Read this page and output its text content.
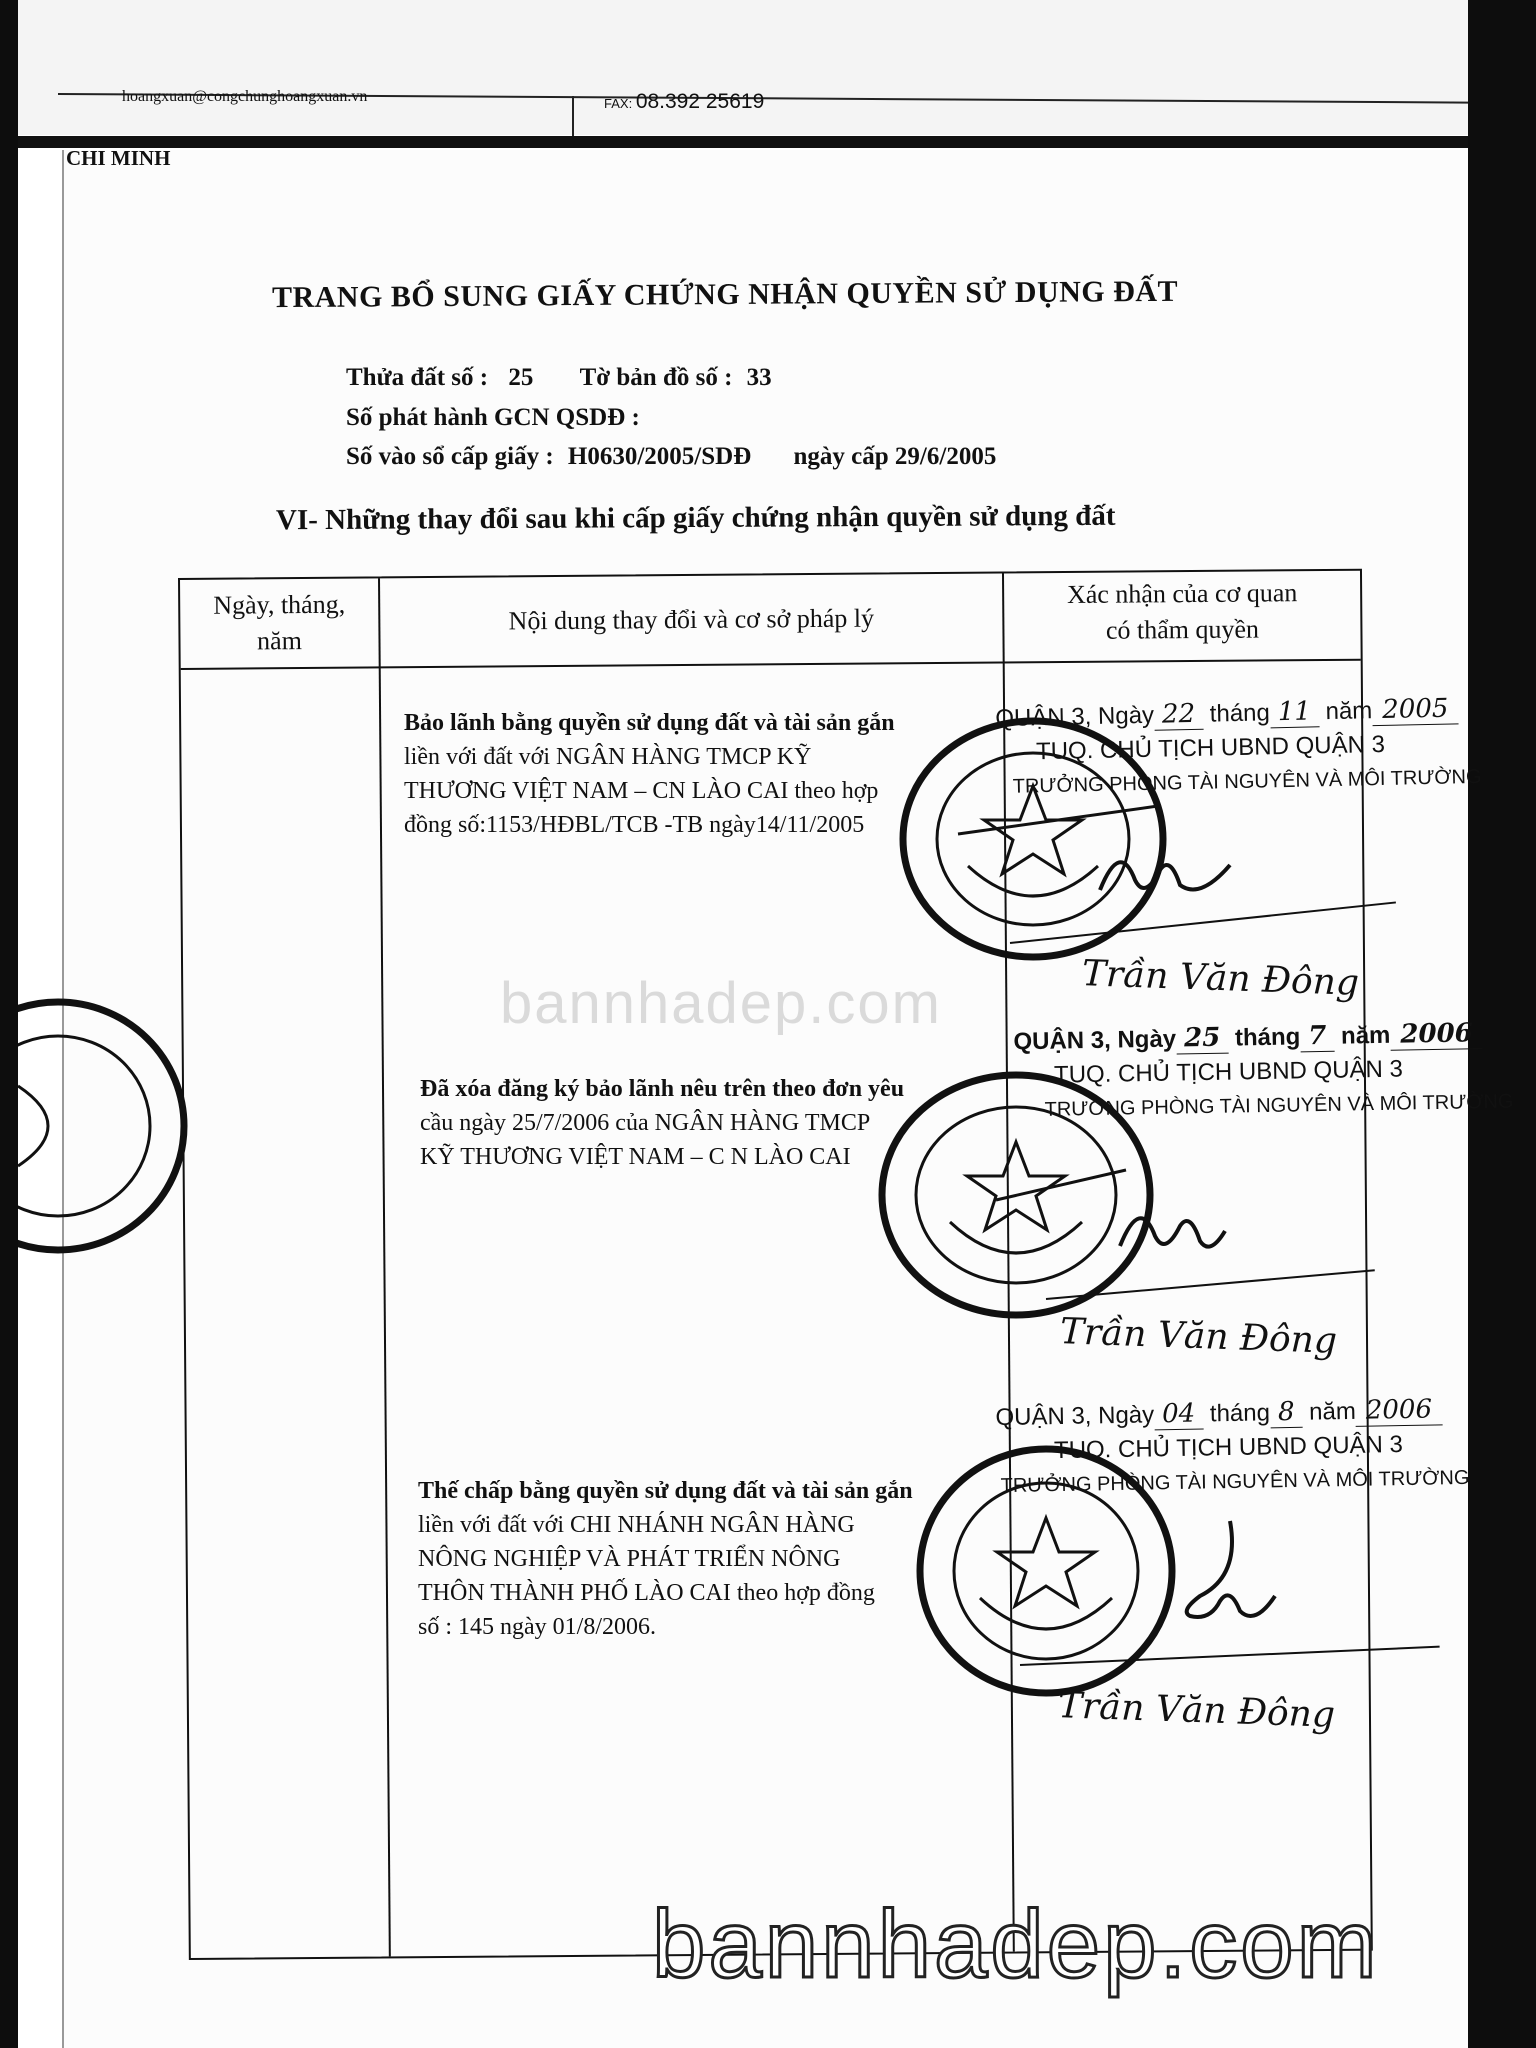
hoangxuan@congchunghoangxuan.vn	FAX: 08.392 25619
CHI MINH
TRANG BỔ SUNG GIẤY CHỨNG NHẬN QUYỀN SỬ DỤNG ĐẤT
Thửa đất số : 25 Tờ bản đồ số : 33
Số phát hành GCN QSDĐ :
Số vào sổ cấp giấy : H0630/2005/SDĐ ngày cấp 29/6/2005
VI- Những thay đổi sau khi cấp giấy chứng nhận quyền sử dụng đất
Ngày, tháng,
năm
Nội dung thay đổi và cơ sở pháp lý
Xác nhận của cơ quan
có thẩm quyền
Bảo lãnh bằng quyền sử dụng đất và tài sản gắn
liền với đất với NGÂN HÀNG TMCP KỸ
THƯƠNG VIỆT NAM – CN LÀO CAI theo hợp
đồng số:1153/HĐBL/TCB -TB ngày14/11/2005
QUẬN 3, Ngày 22 tháng 11 năm 2005
TUQ. CHỦ TỊCH UBND QUẬN 3
TRƯỞNG PHÒNG TÀI NGUYÊN VÀ MÔI TRƯỜNG
Trần Văn Đông
Đã xóa đăng ký bảo lãnh nêu trên theo đơn yêu
cầu ngày 25/7/2006 của NGÂN HÀNG TMCP
KỸ THƯƠNG VIỆT NAM – C N LÀO CAI
QUẬN 3, Ngày 25 tháng 7 năm 2006
TUQ. CHỦ TỊCH UBND QUẬN 3
TRƯỞNG PHÒNG TÀI NGUYÊN VÀ MÔI TRƯỜNG
Trần Văn Đông
Thế chấp bằng quyền sử dụng đất và tài sản gắn
liền với đất với CHI NHÁNH NGÂN HÀNG
NÔNG NGHIỆP VÀ PHÁT TRIỂN NÔNG
THÔN THÀNH PHỐ LÀO CAI theo hợp đồng
số : 145 ngày 01/8/2006.
QUẬN 3, Ngày 04 tháng 8 năm 2006
TUQ. CHỦ TỊCH UBND QUẬN 3
TRƯỞNG PHÒNG TÀI NGUYÊN VÀ MÔI TRƯỜNG
Trần Văn Đông
bannhadep.com
bannhadep.com
